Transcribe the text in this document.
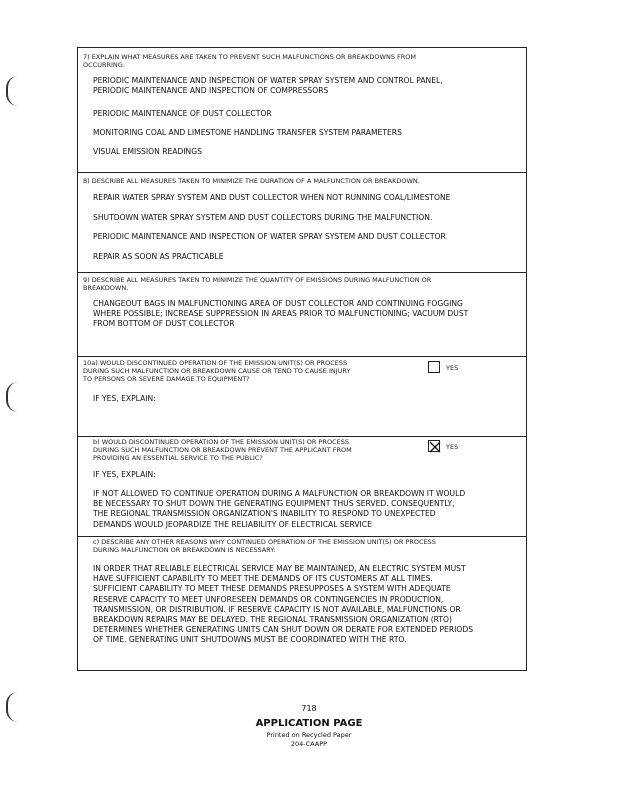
7) EXPLAIN WHAT MEASURES ARE TAKEN TO PREVENT SUCH MALFUNCTIONS OR BREAKDOWNS FROM
OCCURRING:
PERIODIC MAINTENANCE AND INSPECTION OF WATER SPRAY SYSTEM AND CONTROL PANEL,
PERIODIC MAINTENANCE AND INSPECTION OF COMPRESSORS
PERIODIC MAINTENANCE OF DUST COLLECTOR
MONITORING COAL AND LIMESTONE HANDLING TRANSFER SYSTEM PARAMETERS
VISUAL EMISSION READINGS
8) DESCRIBE ALL MEASURES TAKEN TO MINIMIZE THE DURATION OF A MALFUNCTION OR BREAKDOWN.
REPAIR WATER SPRAY SYSTEM AND DUST COLLECTOR WHEN NOT RUNNING COAL/LIMESTONE
SHUTDOWN WATER SPRAY SYSTEM AND DUST COLLECTORS DURING THE MALFUNCTION.
PERIODIC MAINTENANCE AND INSPECTION OF WATER SPRAY SYSTEM AND DUST COLLECTOR
REPAIR AS SOON AS PRACTICABLE
9) DESCRIBE ALL MEASURES TAKEN TO MINIMIZE THE QUANTITY OF EMISSIONS DURING MALFUNCTION OR
BREAKDOWN.
CHANGEOUT BAGS IN MALFUNCTIONING AREA OF DUST COLLECTOR AND CONTINUING FOGGING
WHERE POSSIBLE; INCREASE SUPPRESSION IN AREAS PRIOR TO MALFUNCTIONING; VACUUM DUST
FROM BOTTOM OF DUST COLLECTOR
10a) WOULD DISCONTINUED OPERATION OF THE EMISSION UNIT(S) OR PROCESS
DURING SUCH MALFUNCTION OR BREAKDOWN CAUSE OR TEND TO CAUSE INJURY
TO PERSONS OR SEVERE DAMAGE TO EQUIPMENT?
YES
IF YES, EXPLAIN:
b) WOULD DISCONTINUED OPERATION OF THE EMISSION UNIT(S) OR PROCESS
DURING SUCH MALFUNCTION OR BREAKDOWN PREVENT THE APPLICANT FROM
PROVIDING AN ESSENTIAL SERVICE TO THE PUBLIC?
YES
IF YES, EXPLAIN:
IF NOT ALLOWED TO CONTINUE OPERATION DURING A MALFUNCTION OR BREAKDOWN IT WOULD
BE NECESSARY TO SHUT DOWN THE GENERATING EQUIPMENT THUS SERVED. CONSEQUENTLY,
THE REGIONAL TRANSMISSION ORGANIZATION'S INABILITY TO RESPOND TO UNEXPECTED
DEMANDS WOULD JEOPARDIZE THE RELIABILITY OF ELECTRICAL SERVICE
c) DESCRIBE ANY OTHER REASONS WHY CONTINUED OPERATION OF THE EMISSION UNIT(S) OR PROCESS
DURING MALFUNCTION OR BREAKDOWN IS NECESSARY:
IN ORDER THAT RELIABLE ELECTRICAL SERVICE MAY BE MAINTAINED, AN ELECTRIC SYSTEM MUST
HAVE SUFFICIENT CAPABILITY TO MEET THE DEMANDS OF ITS CUSTOMERS AT ALL TIMES.
SUFFICIENT CAPABILITY TO MEET THESE DEMANDS PRESUPPOSES A SYSTEM WITH ADEQUATE
RESERVE CAPACITY TO MEET UNFORESEEN DEMANDS OR CONTINGENCIES IN PRODUCTION,
TRANSMISSION, OR DISTRIBUTION. IF RESERVE CAPACITY IS NOT AVAILABLE, MALFUNCTIONS OR
BREAKDOWN REPAIRS MAY BE DELAYED. THE REGIONAL TRANSMISSION ORGANIZATION (RTO)
DETERMINES WHETHER GENERATING UNITS CAN SHUT DOWN OR DERATE FOR EXTENDED PERIODS
OF TIME. GENERATING UNIT SHUTDOWNS MUST BE COORDINATED WITH THE RTO.
718
APPLICATION PAGE
Printed on Recycled Paper
204-CAAPP
